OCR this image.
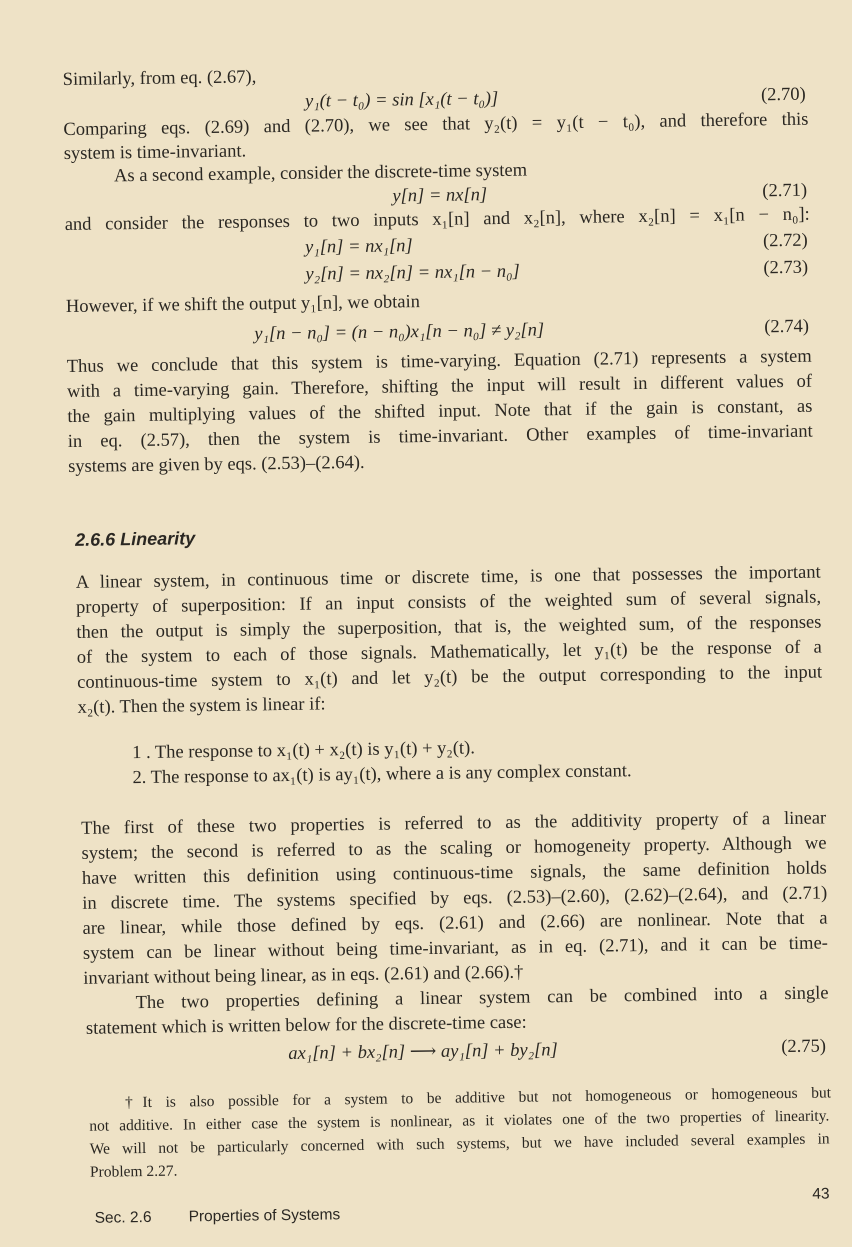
Similarly, from eq. (2.67),
y₁(t − t₀) = sin [x₁(t − t₀)]	(2.70)
Comparing eqs. (2.69) and (2.70), we see that y₂(t) = y₁(t − t₀), and therefore this
system is time-invariant.
As a second example, consider the discrete-time system
y[n] = nx[n]	(2.71)
and consider the responses to two inputs x₁[n] and x₂[n], where x₂[n] = x₁[n − n₀]:
y₁[n] = nx₁[n]	(2.72)
y₂[n] = nx₂[n] = nx₁[n − n₀]	(2.73)
However, if we shift the output y₁[n], we obtain
y₁[n − n₀] = (n − n₀)x₁[n − n₀] ≠ y₂[n]	(2.74)
Thus we conclude that this system is time-varying. Equation (2.71) represents a system
with a time-varying gain. Therefore, shifting the input will result in different values of
the gain multiplying values of the shifted input. Note that if the gain is constant, as
in eq. (2.57), then the system is time-invariant. Other examples of time-invariant
systems are given by eqs. (2.53)–(2.64).
2.6.6 Linearity
A linear system, in continuous time or discrete time, is one that possesses the important
property of superposition: If an input consists of the weighted sum of several signals,
then the output is simply the superposition, that is, the weighted sum, of the responses
of the system to each of those signals. Mathematically, let y₁(t) be the response of a
continuous-time system to x₁(t) and let y₂(t) be the output corresponding to the input
x₂(t). Then the system is linear if:
1 . The response to x₁(t) + x₂(t) is y₁(t) + y₂(t).
2. The response to ax₁(t) is ay₁(t), where a is any complex constant.
The first of these two properties is referred to as the additivity property of a linear
system; the second is referred to as the scaling or homogeneity property. Although we
have written this definition using continuous-time signals, the same definition holds
in discrete time. The systems specified by eqs. (2.53)–(2.60), (2.62)–(2.64), and (2.71)
are linear, while those defined by eqs. (2.61) and (2.66) are nonlinear. Note that a
system can be linear without being time-invariant, as in eq. (2.71), and it can be time-
invariant without being linear, as in eqs. (2.61) and (2.66).†
The two properties defining a linear system can be combined into a single
statement which is written below for the discrete-time case:
ax₁[n] + bx₂[n] ⟶ ay₁[n] + by₂[n]	(2.75)
†It is also possible for a system to be additive but not homogeneous or homogeneous but
not additive. In either case the system is nonlinear, as it violates one of the two properties of linearity.
We will not be particularly concerned with such systems, but we have included several examples in
Problem 2.27.
Sec. 2.6 Properties of Systems
43
